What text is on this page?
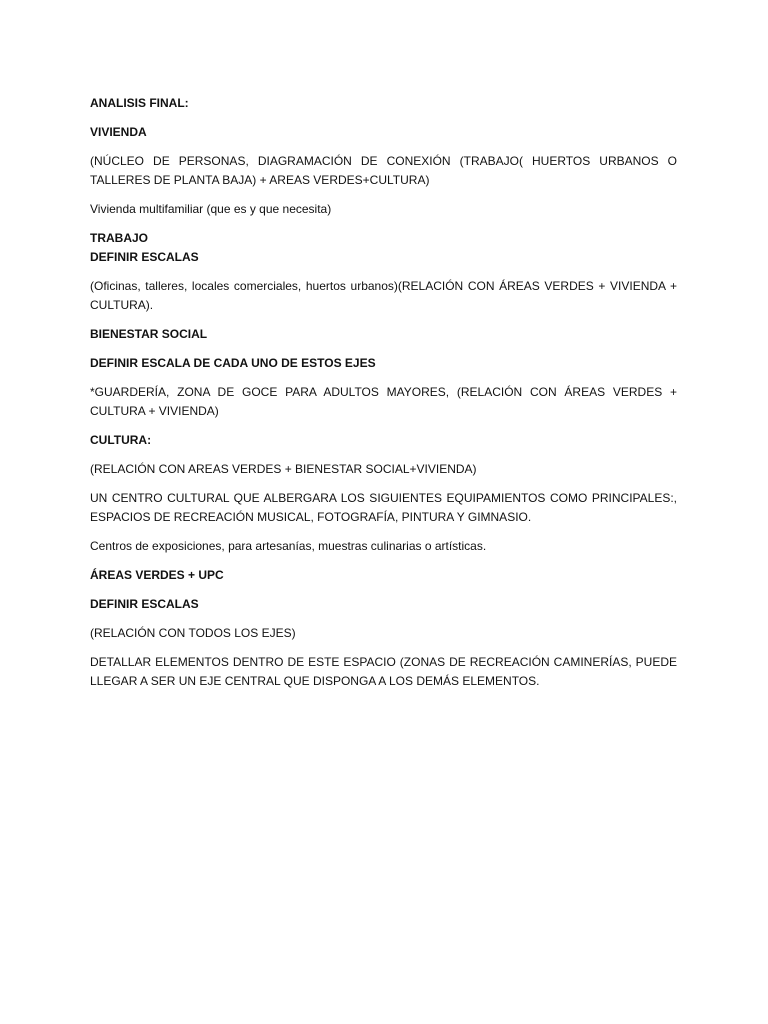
ANALISIS FINAL:

VIVIENDA

(NÚCLEO DE PERSONAS, DIAGRAMACIÓN DE CONEXIÓN (TRABAJO( HUERTOS URBANOS O TALLERES DE PLANTA BAJA) + AREAS VERDES+CULTURA)

Vivienda multifamiliar (que es y que necesita)

TRABAJO

DEFINIR ESCALAS

(Oficinas, talleres, locales comerciales, huertos urbanos)(RELACIÓN CON ÁREAS VERDES + VIVIENDA + CULTURA).

BIENESTAR SOCIAL

DEFINIR ESCALA DE CADA UNO DE ESTOS EJES

*GUARDERÍA, ZONA DE GOCE PARA ADULTOS MAYORES, (RELACIÓN CON ÁREAS VERDES + CULTURA + VIVIENDA)

CULTURA:

(RELACIÓN CON AREAS VERDES + BIENESTAR SOCIAL+VIVIENDA)

UN CENTRO CULTURAL QUE ALBERGARA LOS SIGUIENTES EQUIPAMIENTOS COMO PRINCIPALES:, ESPACIOS DE RECREACIÓN MUSICAL, FOTOGRAFÍA, PINTURA Y GIMNASIO.

Centros de exposiciones, para artesanías, muestras culinarias o artísticas.

ÁREAS VERDES + UPC

DEFINIR ESCALAS

(RELACIÓN CON TODOS LOS EJES)

DETALLAR ELEMENTOS DENTRO DE ESTE ESPACIO (ZONAS DE RECREACIÓN CAMINERÍAS, PUEDE LLEGAR A SER UN EJE CENTRAL QUE DISPONGA A LOS DEMÁS ELEMENTOS.
